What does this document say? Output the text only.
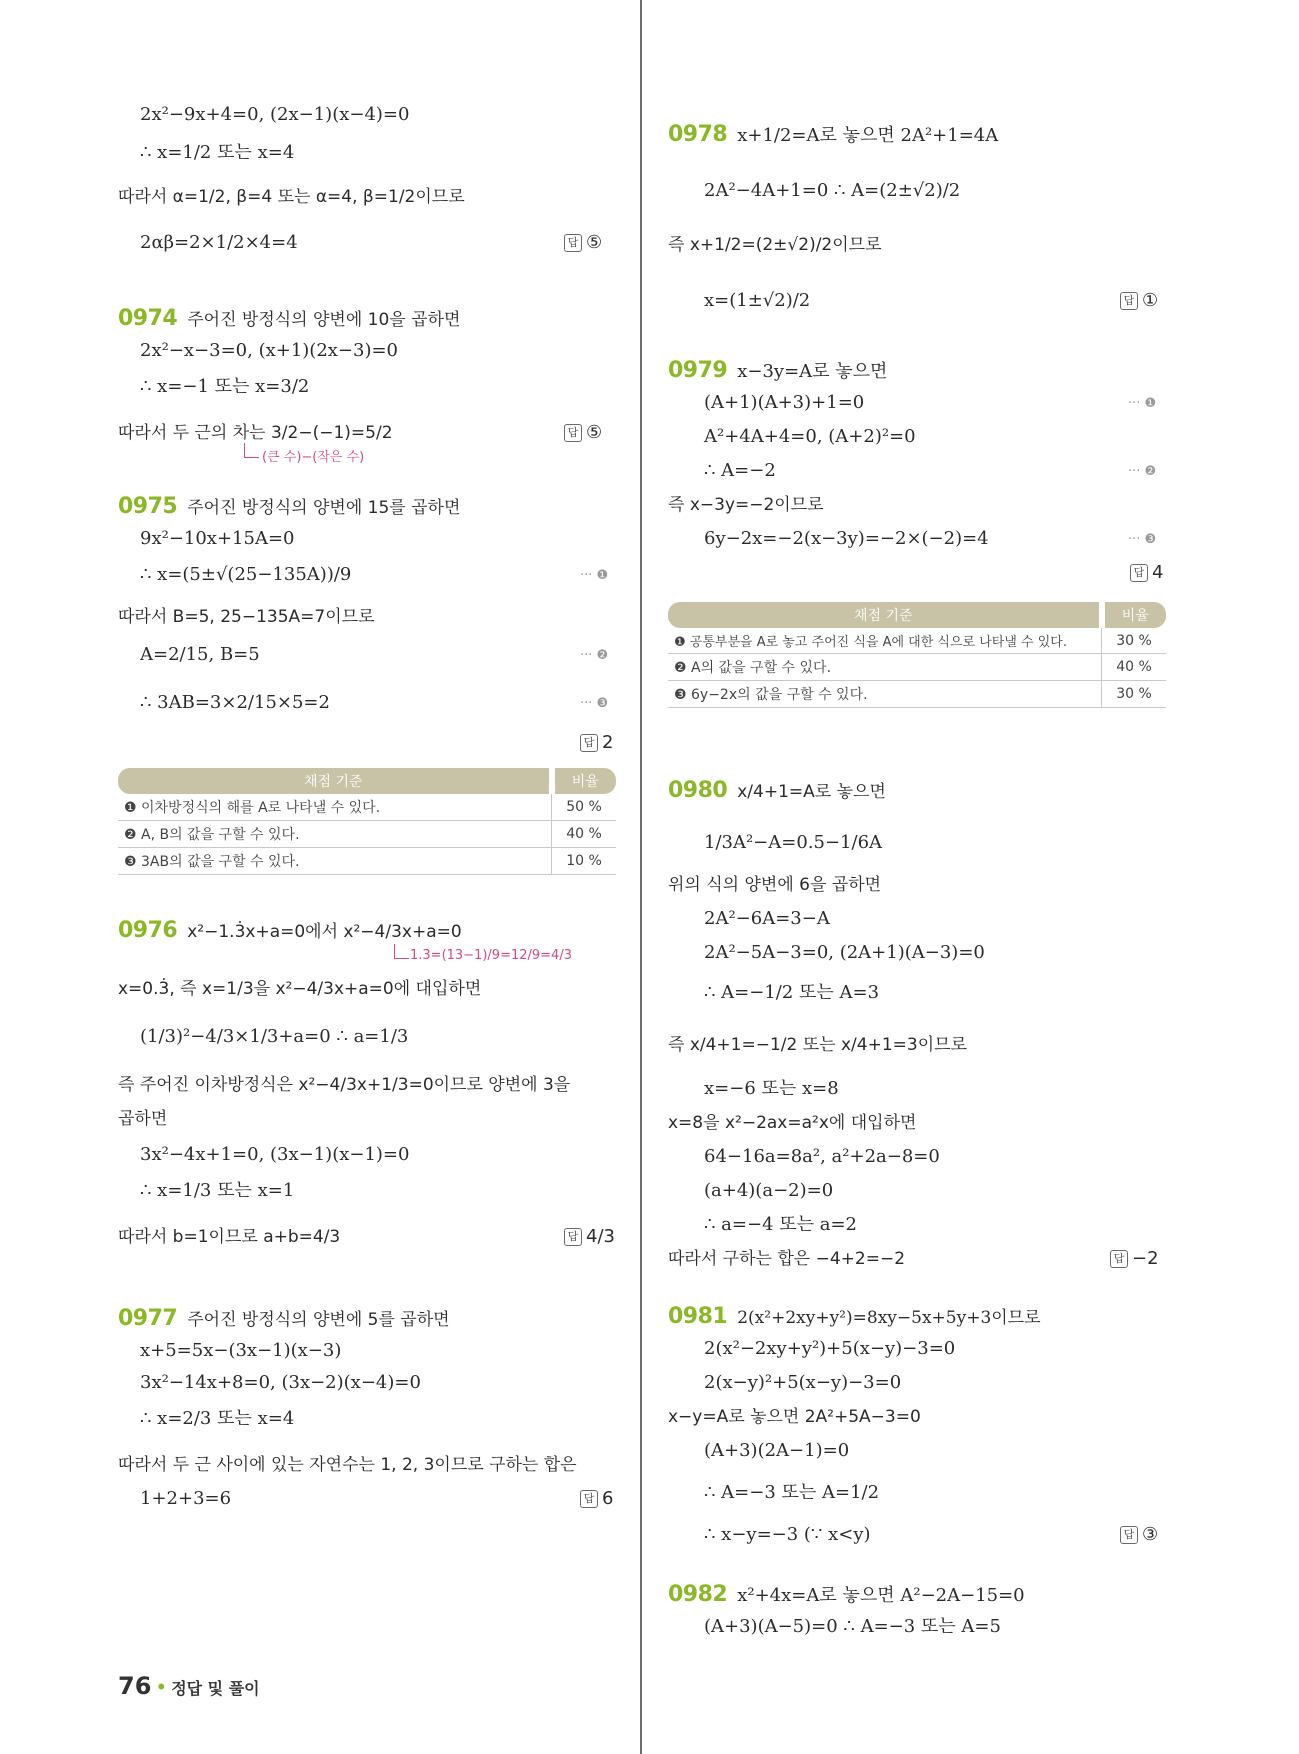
2x²−9x+4=0, (2x−1)(x−4)=0
∴ x=1/2 또는 x=4
따라서 α=1/2, β=4 또는 α=4, β=1/2이므로
2αβ=2×1/2×4=4	답 ⑤
0974 주어진 방정식의 양변에 10을 곱하면
2x²−x−3=0, (x+1)(2x−3)=0
∴ x=−1 또는 x=3/2
따라서 두 근의 차는 3/2−(−1)=5/2
(큰 수)−(작은 수)
답 ⑤
0975 주어진 방정식의 양변에 15를 곱하면
9x²−10x+15A=0
∴ x=(5±√(25−135A))/9	··· ❶
따라서 B=5, 25−135A=7이므로
A=2/15, B=5	··· ❷
∴ 3AB=3×2/15×5=2	··· ❸
답 2
채점 기준	비율
❶ 이차방정식의 해를 A로 나타낼 수 있다.	50 %
❷ A, B의 값을 구할 수 있다.	40 %
❸ 3AB의 값을 구할 수 있다.	10 %
0976 x²−1.3̇x+a=0에서 x²−4/3x+a=0
1.3̇=(13−1)/9=12/9=4/3
x=0.3̇, 즉 x=1/3을 x²−4/3x+a=0에 대입하면
(1/3)²−4/3×1/3+a=0 ∴ a=1/3
즉 주어진 이차방정식은 x²−4/3x+1/3=0이므로 양변에 3을
곱하면
3x²−4x+1=0, (3x−1)(x−1)=0
∴ x=1/3 또는 x=1
따라서 b=1이므로 a+b=4/3	답 4/3
0977 주어진 방정식의 양변에 5를 곱하면
x+5=5x−(3x−1)(x−3)
3x²−14x+8=0, (3x−2)(x−4)=0
∴ x=2/3 또는 x=4
따라서 두 근 사이에 있는 자연수는 1, 2, 3이므로 구하는 합은
1+2+3=6	답 6
0978 x+1/2=A로 놓으면 2A²+1=4A
2A²−4A+1=0 ∴ A=(2±√2)/2
즉 x+1/2=(2±√2)/2이므로
x=(1±√2)/2	답 ①
0979 x−3y=A로 놓으면
(A+1)(A+3)+1=0	··· ❶
A²+4A+4=0, (A+2)²=0
∴ A=−2	··· ❷
즉 x−3y=−2이므로
6y−2x=−2(x−3y)=−2×(−2)=4	··· ❸
답 4
채점 기준	비율
❶ 공통부분을 A로 놓고 주어진 식을 A에 대한 식으로 나타낼 수 있다.	30 %
❷ A의 값을 구할 수 있다.	40 %
❸ 6y−2x의 값을 구할 수 있다.	30 %
0980 x/4+1=A로 놓으면
1/3A²−A=0.5−1/6A
위의 식의 양변에 6을 곱하면
2A²−6A=3−A
2A²−5A−3=0, (2A+1)(A−3)=0
∴ A=−1/2 또는 A=3
즉 x/4+1=−1/2 또는 x/4+1=3이므로
x=−6 또는 x=8
x=8을 x²−2ax=a²x에 대입하면
64−16a=8a², a²+2a−8=0
(a+4)(a−2)=0
∴ a=−4 또는 a=2
따라서 구하는 합은 −4+2=−2	답 −2
0981 2(x²+2xy+y²)=8xy−5x+5y+3이므로
2(x²−2xy+y²)+5(x−y)−3=0
2(x−y)²+5(x−y)−3=0
x−y=A로 놓으면 2A²+5A−3=0
(A+3)(2A−1)=0
∴ A=−3 또는 A=1/2
∴ x−y=−3 (∵ x<y)	답 ③
0982 x²+4x=A로 놓으면 A²−2A−15=0
(A+3)(A−5)=0 ∴ A=−3 또는 A=5
76 • 정답 및 풀이
